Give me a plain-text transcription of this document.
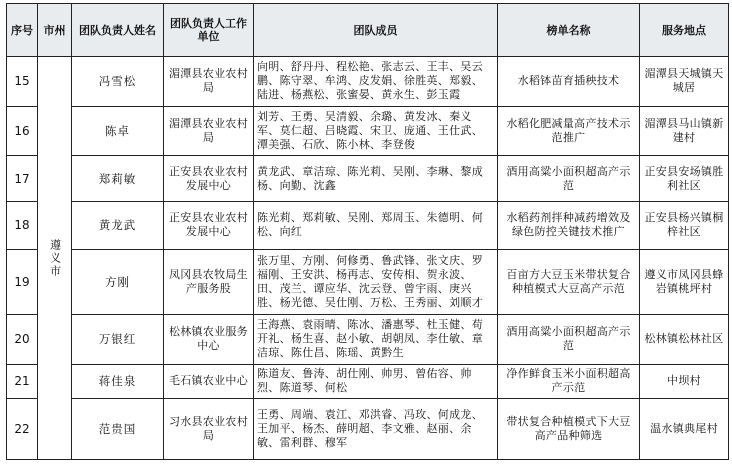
序号	市州	团队负责人姓名	团队负责人工作单位	团队成员	榜单名称	服务地点
15	遵义市	冯雪松	湄潭县农业农村局	向明、舒丹丹、程松艳、张志云、王丰、吴云鹏、陈守翠、牟鸿、皮发娟、徐胜英、郑毅、陆进、杨燕松、张蜜晏、黄永生、彭玉霞	水稻钵苗育插秧技术	湄潭县天城镇天城居
16		陈卓	湄潭县农业农村局	刘芳、王勇、吴清毅、余璐、黄发冰、秦义军、莫仁超、吕晓霞、宋卫、庞通、王仕武、潭美强、石欣、陈小林、李登俊	水稻化肥减量高产技术示范推广	湄潭县马山镇新建村
17		郑莉敏	正安县农业农村发展中心	黄龙武、章洁琼、陈光莉、吴刚、李琳、黎成杨、向勤、沈鑫	酒用高粱小面积超高产示范	正安县安场镇胜利社区
18		黄龙武	正安县农业农村发展中心	陈光莉、郑莉敏、吴刚、郑周玉、朱德明、何松、向红	水稻药剂拌种减药增效及绿色防控关键技术推广	正安县杨兴镇桐梓社区
19		方刚	凤冈县农牧局生产服务股	张万里、方刚、何修勇、鲁武锋、张文庆、罗福刚、王安洪、杨再志、安传相、贺永波、田、茂兰、谭应华、沈云登、曾宇雨、庚兴胜、杨光德、吴仕刚、万松、王秀丽、刘顺才	百亩方大豆玉米带状复合种植模式大豆高产示范	遵义市凤冈县蜂岩镇桃坪村
20		万银红	松林镇农业服务中心	王海燕、袁雨晴、陈冰、潘惠琴、杜玉健、苟开礼、杨生喜、赵小敏、胡朝凤、李仕敏、章洁琼、陈仕昌、陈瑶、黄黔生	酒用高粱小面积超高产示范	松林镇松林社区
21		蒋佳泉	毛石镇农业中心	陈道友、鲁涛、胡仕刚、帅男、曾佑容、帅烈、陈道琴、何松	净作鲜食玉米小面积超高产示范	中坝村
22		范贵国	习水县农业农村局	王勇、周端、袁江、邓洪睿、冯玫、何成龙、王加平、杨杰、薛明超、李文雅、赵丽、余敏、雷利群、穆军	带状复合种植模式下大豆高产品种筛选	温水镇典尾村
